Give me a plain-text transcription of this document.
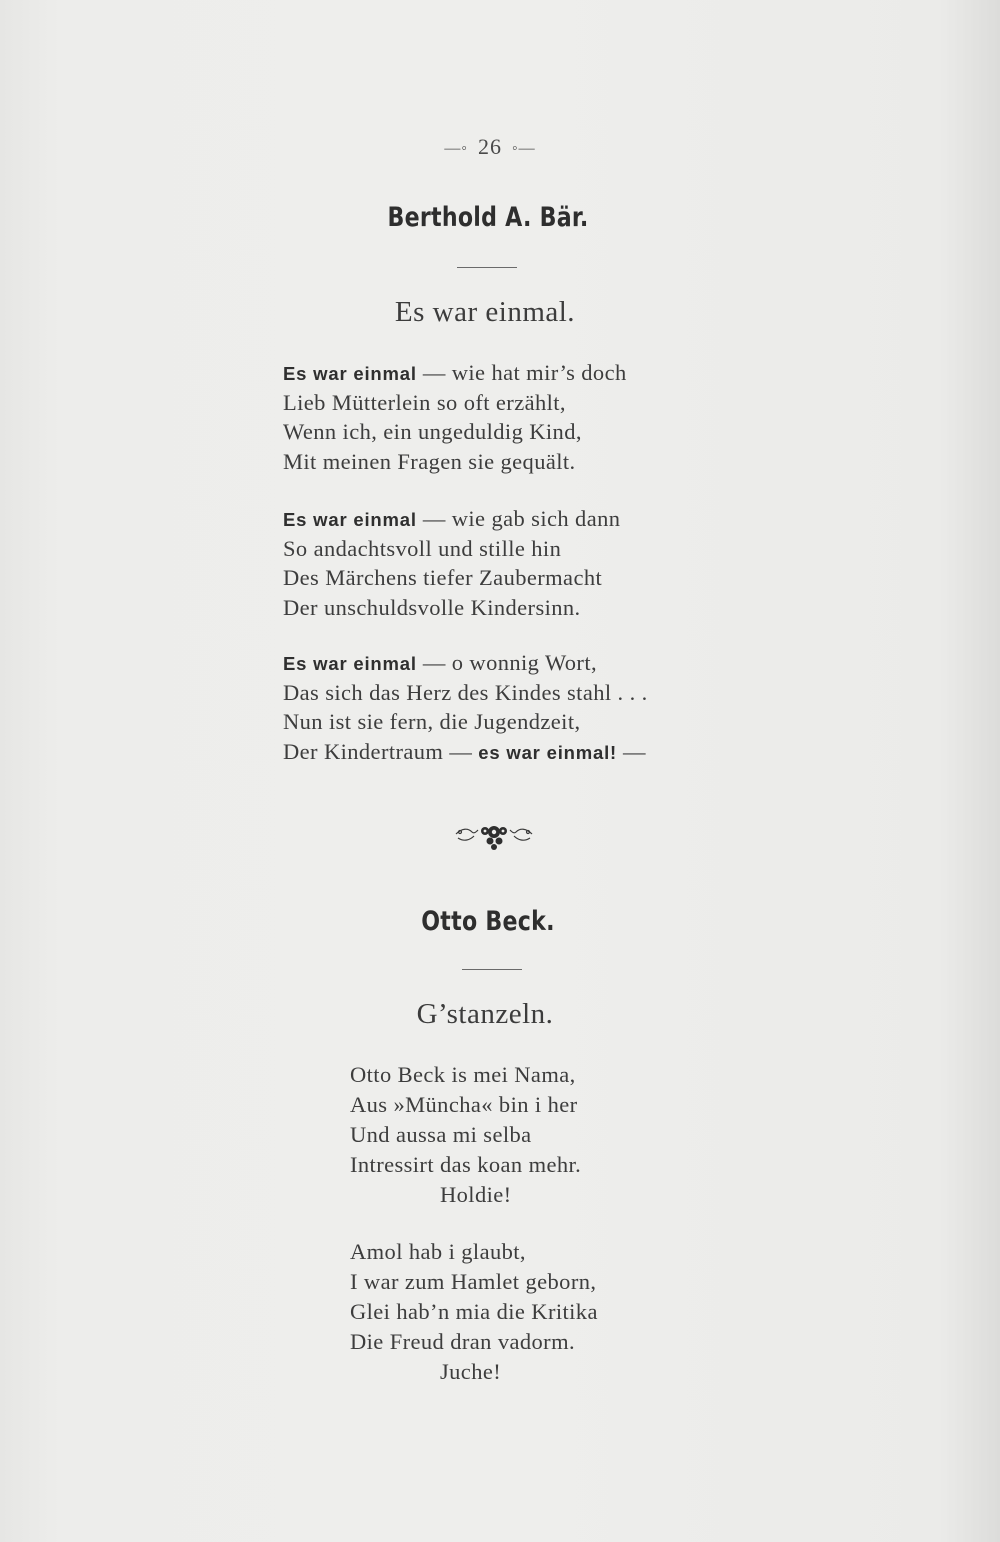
—◦ 26 ◦—
Berthold A. Bär.
Es war einmal.
Es war einmal — wie hat mir’s doch
Lieb Mütterlein so oft erzählt,
Wenn ich, ein ungeduldig Kind,
Mit meinen Fragen sie gequält.
Es war einmal — wie gab sich dann
So andachtsvoll und stille hin
Des Märchens tiefer Zaubermacht
Der unschuldsvolle Kindersinn.
Es war einmal — o wonnig Wort,
Das sich das Herz des Kindes stahl . . .
Nun ist sie fern, die Jugendzeit,
Der Kindertraum — es war einmal! —
Otto Beck.
G’stanzeln.
Otto Beck is mei Nama,
Aus »Müncha« bin i her
Und aussa mi selba
Intressirt das koan mehr.
Holdie!
Amol hab i glaubt,
I war zum Hamlet geborn,
Glei hab’n mia die Kritika
Die Freud dran vadorm.
Juche!
